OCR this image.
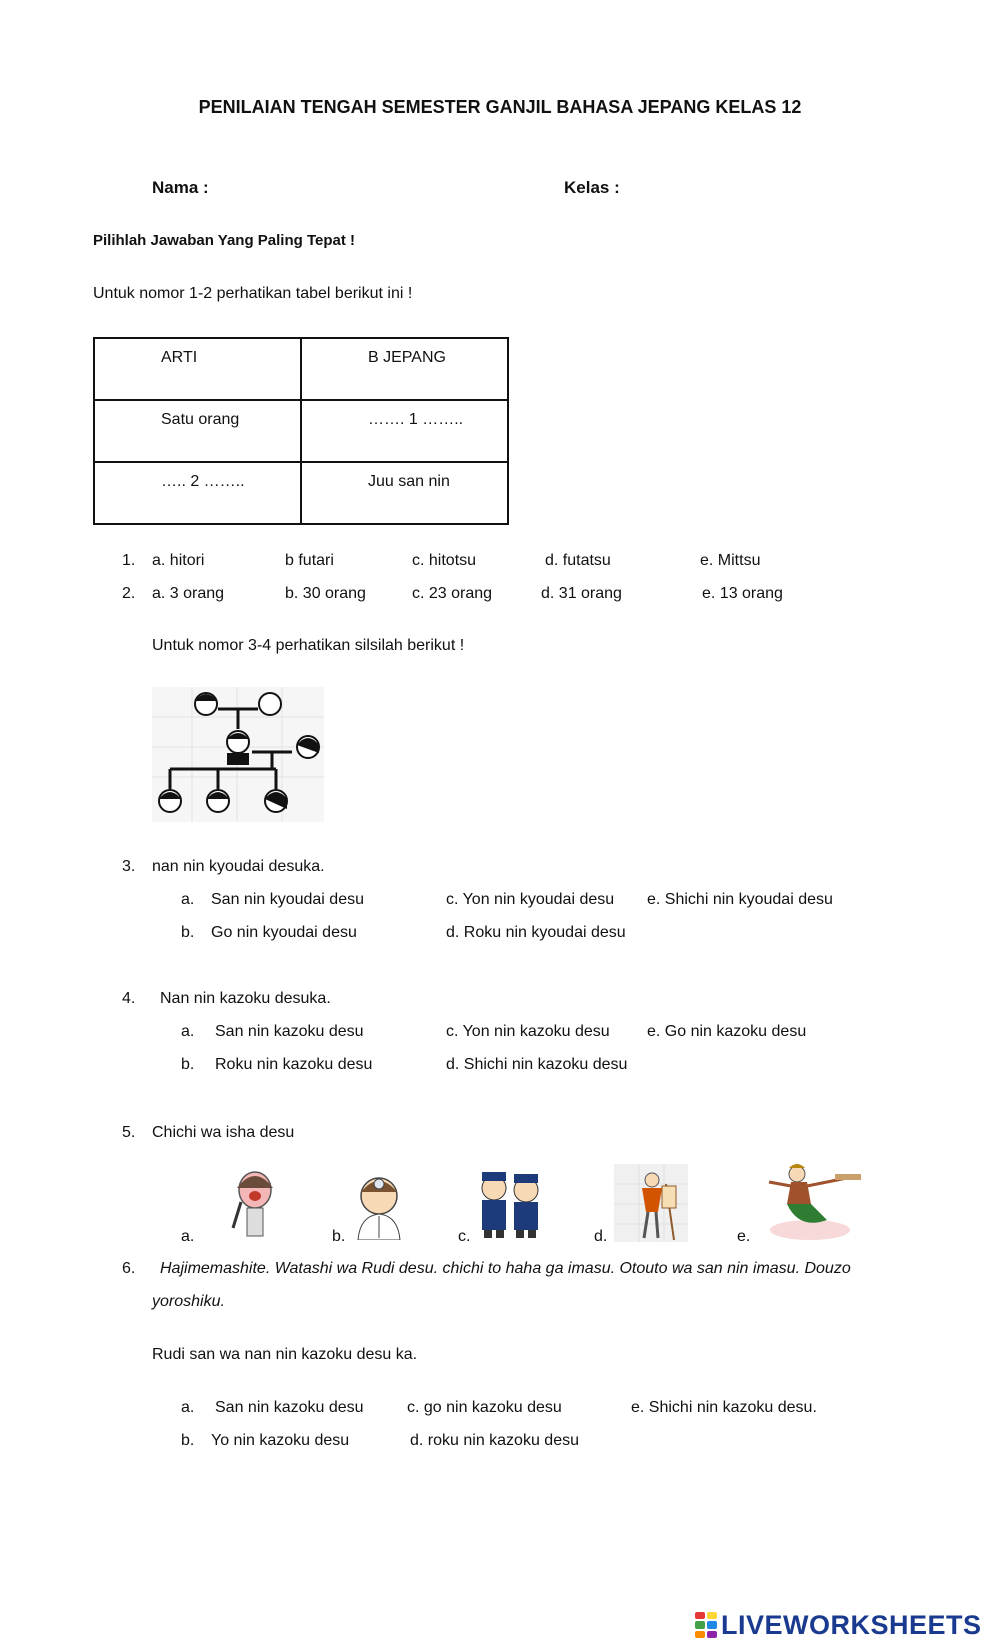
PENILAIAN TENGAH SEMESTER GANJIL BAHASA JEPANG KELAS 12
Nama :	Kelas :
Pilihlah Jawaban Yang Paling Tepat !
Untuk nomor 1-2 perhatikan tabel berikut ini !
ARTI	B JEPANG

Satu orang	……. 1 ……..

….. 2 ……..	Juu san nin
1. a. hitori	b futari	c. hitotsu	d. futatsu	e. Mittsu
2. a. 3 orang	b. 30 orang	c. 23 orang	d. 31 orang	e. 13 orang
Untuk nomor 3-4 perhatikan silsilah berikut !
3. nan nin kyoudai desuka.
a. San nin kyoudai desu	c. Yon nin kyoudai desu e. Shichi nin kyoudai desu
b. Go nin kyoudai desu	d. Roku nin kyoudai desu
4. Nan nin kazoku desuka.
a. San nin kazoku desu	c. Yon nin kazoku desu e. Go nin kazoku desu
b. Roku nin kazoku desu	d. Shichi nin kazoku desu
5. Chichi wa isha desu
a.	b.	c.	d.	e.
6. Hajimemashite. Watashi wa Rudi desu. chichi to haha ga imasu. Otouto wa san nin imasu. Douzo
yoroshiku.
Rudi san wa nan nin kazoku desu ka.
a. San nin kazoku desu	c. go nin kazoku desu	e. Shichi nin kazoku desu.
b. Yo nin kazoku desu	d. roku nin kazoku desu
LIVEWORKSHEETS
